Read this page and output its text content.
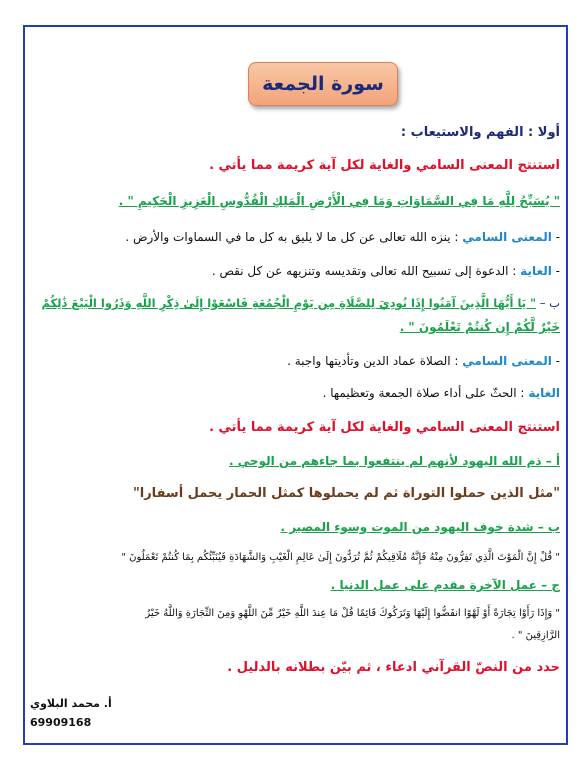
سورة الجمعة
أولا : الفهم والاستيعاب :
استنتج المعنى السامي والغاية لكل آية كريمة مما يأتي .
" يُسَبِّحُ لِلَّهِ مَا فِي السَّمَاوَاتِ وَمَا فِي الْأَرْضِ الْمَلِكِ الْقُدُّوسِ الْعَزِيزِ الْحَكِيمِ " .
- المعنى السامي : ينزه الله تعالى عن كل ما لا يليق به كل ما في السماوات والأرض .
- الغاية : الدعوة إلى تسبيح الله تعالى وتقديسه وتنزيهه عن كل نقص .
ب – " يَا أَيُّهَا الَّذِينَ آمَنُوا إِذَا نُودِيَ لِلصَّلَاةِ مِن يَوْمِ الْجُمُعَةِ فَاسْعَوْا إِلَىٰ ذِكْرِ اللَّهِ وَذَرُوا الْبَيْعَ ذَٰلِكُمْ
خَيْرٌ لَّكُمْ إِن كُنتُمْ تَعْلَمُونَ " .
- المعنى السامي : الصلاة عماد الدين وتأديتها واجبة .
الغاية : الحثّ على أداء صلاة الجمعة وتعظيمها .
استنتج المعنى السامي والغاية لكل آية كريمة مما يأتي .
أ – ذم الله اليهود لأنهم لم ينتفعوا بما جاءهم من الوحي .
"مثل الذين حملوا التوراة ثم لم يحملوها كمثل الحمار يحمل أسفارا"
ب – شدة خوف اليهود من الموت وسوء المصير .
" قُلْ إِنَّ الْمَوْتَ الَّذِي تَفِرُّونَ مِنْهُ فَإِنَّهُ مُلَاقِيكُمْ ثُمَّ تُرَدُّونَ إِلَىٰ عَالِمِ الْغَيْبِ وَالشَّهَادَةِ فَيُنَبِّئُكُم بِمَا كُنتُمْ تَعْمَلُونَ "
ج – عمل الآخرة مقدم على عمل الدنيا .
" وَإِذَا رَأَوْا تِجَارَةً أَوْ لَهْوًا انفَضُّوا إِلَيْهَا وَتَرَكُوكَ قَائِمًا قُلْ مَا عِندَ اللَّهِ خَيْرٌ مِّنَ اللَّهْوِ وَمِنَ التِّجَارَةِ وَاللَّهُ خَيْرُ
الرَّازِقِينَ " .
حدد من النصّ القرآني ادعاء ، ثم بيّن بطلانه بالدليل .
أ. محمد البلاوي
69909168
